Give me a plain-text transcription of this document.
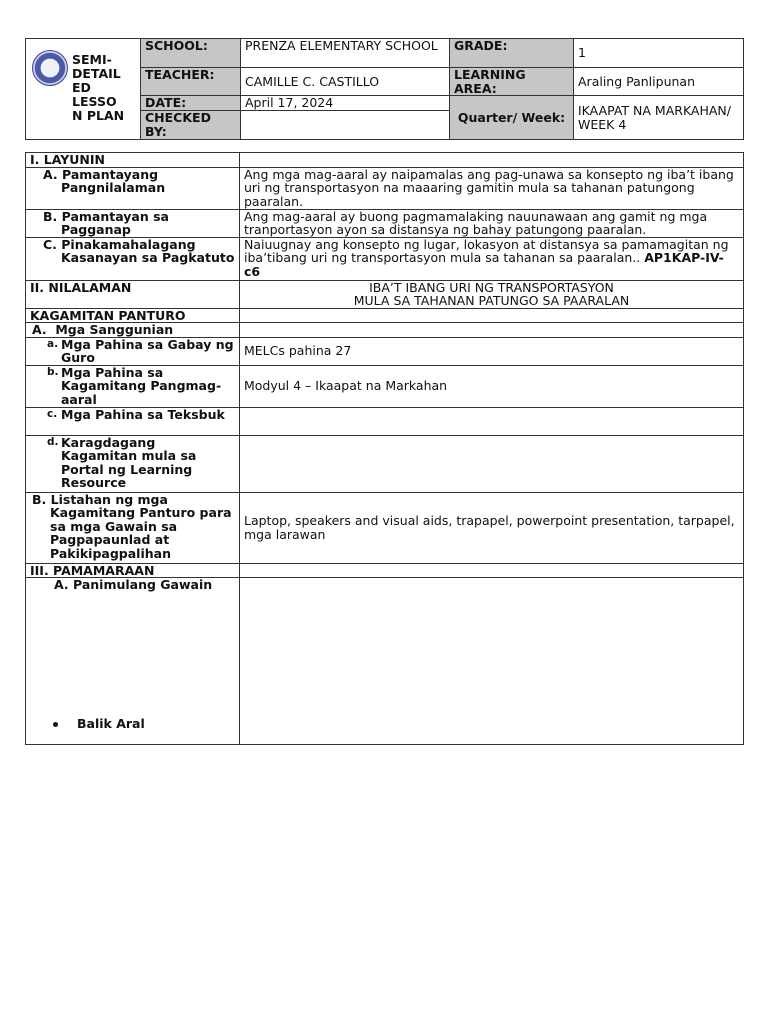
SEMI-
DETAIL
ED
LESSO
N PLAN	SCHOOL:	PRENZA ELEMENTARY SCHOOL	GRADE:	1
	TEACHER:	CAMILLE C. CASTILLO	LEARNING AREA:	Araling Panlipunan
	DATE:	April 17, 2024	Quarter/ Week:	IKAAPAT NA MARKAHAN/ WEEK 4
	CHECKED BY:			
I. LAYUNIN	

A. Pamantayang Pangnilalaman	Ang mga mag-aaral ay naipamalas ang pag-unawa sa konsepto ng iba’t ibang uri ng transportasyon na maaaring gamitin mula sa tahanan patungong paaralan.

B. Pamantayan sa Pagganap	Ang mag-aaral ay buong pagmamalaking nauunawaan ang gamit ng mga tranportasyon ayon sa distansya ng bahay patungong paaralan.

C. Pinakamahalagang Kasanayan sa Pagkatuto	Naiuugnay ang konsepto ng lugar, lokasyon at distansya sa pamamagitan ng iba’tibang uri ng transportasyon mula sa tahanan sa paaralan.. AP1KAP-IV-c6
II. NILALAMAN	IBA’T IBANG URI NG TRANSPORTASYON
MULA SA TAHANAN PATUNGO SA PAARALAN

KAGAMITAN PANTURO	
A.  Mga Sanggunian	

a. Mga Pahina sa Gabay ng Guro	MELCs pahina 27

b. Mga Pahina sa Kagamitang Pangmag-aaral	Modyul 4 – Ikaapat na Markahan

c. Mga Pahina sa Teksbuk	

d. Karagdagang Kagamitan mula sa Portal ng Learning Resource	

B. Listahan ng mga Kagamitang Panturo para sa mga Gawain sa Pagpapaunlad at Pakikipagpalihan	Laptop, speakers and visual aids, trapapel, powerpoint presentation, tarpapel, mga larawan
III. PAMAMARAAN	

A. Panimulang Gawain
Balik Aral	
